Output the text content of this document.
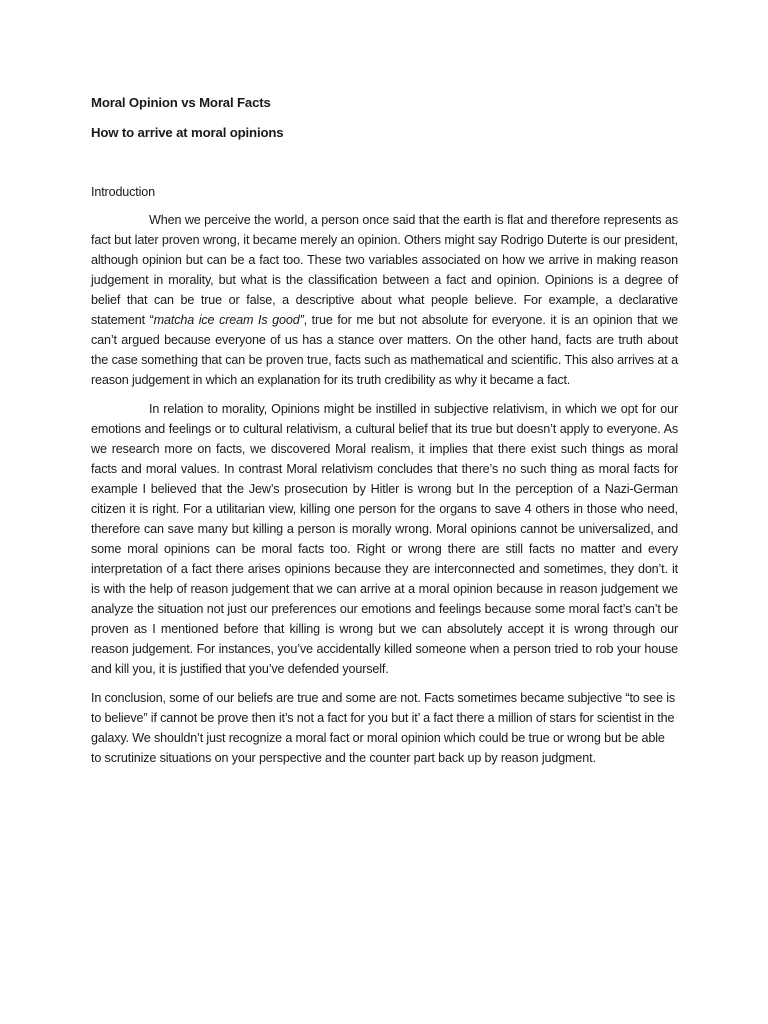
Moral Opinion vs Moral Facts

How to arrive at moral opinions

Introduction

When we perceive the world, a person once said that the earth is flat and therefore represents as fact but later proven wrong, it became merely an opinion. Others might say Rodrigo Duterte is our president, although opinion but can be a fact too. These two variables associated on how we arrive in making reason judgement in morality, but what is the classification between a fact and opinion. Opinions is a degree of belief that can be true or false, a descriptive about what people believe. For example, a declarative statement “matcha ice cream Is good”, true for me but not absolute for everyone. it is an opinion that we can’t argued because everyone of us has a stance over matters. On the other hand, facts are truth about the case something that can be proven true, facts such as mathematical and scientific. This also arrives at a reason judgement in which an explanation for its truth credibility as why it became a fact.

In relation to morality, Opinions might be instilled in subjective relativism, in which we opt for our emotions and feelings or to cultural relativism, a cultural belief that its true but doesn’t apply to everyone. As we research more on facts, we discovered Moral realism, it implies that there exist such things as moral facts and moral values. In contrast Moral relativism concludes that there’s no such thing as moral facts for example I believed that the Jew’s prosecution by Hitler is wrong but In the perception of a Nazi-German citizen it is right. For a utilitarian view, killing one person for the organs to save 4 others in those who need, therefore can save many but killing a person is morally wrong. Moral opinions cannot be universalized, and some moral opinions can be moral facts too. Right or wrong there are still facts no matter and every interpretation of a fact there arises opinions because they are interconnected and sometimes, they don’t. it is with the help of reason judgement that we can arrive at a moral opinion because in reason judgement we analyze the situation not just our preferences our emotions and feelings because some moral fact’s can’t be proven as I mentioned before that killing is wrong but we can absolutely accept it is wrong through our reason judgement. For instances, you’ve accidentally killed someone when a person tried to rob your house and kill you, it is justified that you’ve defended yourself.

In conclusion, some of our beliefs are true and some are not. Facts sometimes became subjective “to see is to believe” if cannot be prove then it’s not a fact for you but it’ a fact there a million of stars for scientist in the galaxy. We shouldn’t just recognize a moral fact or moral opinion which could be true or wrong but be able to scrutinize situations on your perspective and the counter part back up by reason judgment.
